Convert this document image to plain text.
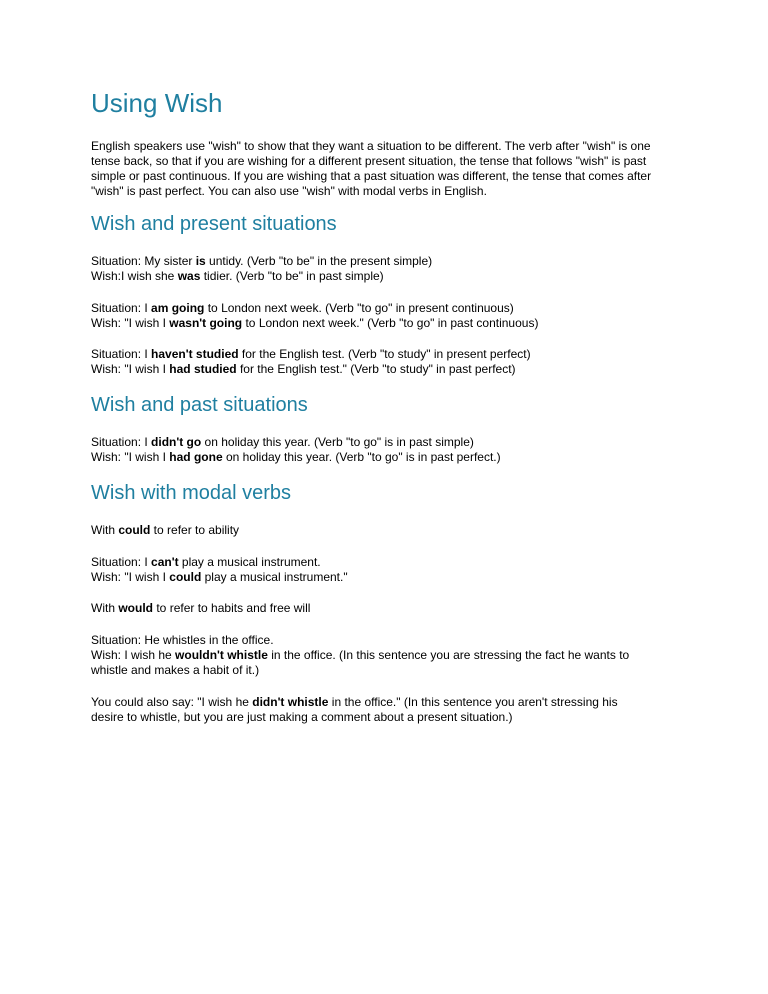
Using Wish

English speakers use "wish" to show that they want a situation to be different. The verb after "wish" is one
tense back, so that if you are wishing for a different present situation, the tense that follows "wish" is past
simple or past continuous. If you are wishing that a past situation was different, the tense that comes after
"wish" is past perfect. You can also use "wish" with modal verbs in English.

Wish and present situations

Situation: My sister is untidy. (Verb "to be" in the present simple)
Wish:I wish she was tidier. (Verb "to be" in past simple)

Situation: I am going to London next week. (Verb "to go" in present continuous)
Wish: "I wish I wasn't going to London next week." (Verb "to go" in past continuous)

Situation: I haven't studied for the English test. (Verb "to study" in present perfect)
Wish: "I wish I had studied for the English test." (Verb "to study" in past perfect)

Wish and past situations

Situation: I didn't go on holiday this year. (Verb "to go" is in past simple)
Wish: "I wish I had gone on holiday this year. (Verb "to go" is in past perfect.)

Wish with modal verbs

With could to refer to ability

Situation: I can't play a musical instrument.
Wish: "I wish I could play a musical instrument."

With would to refer to habits and free will

Situation: He whistles in the office.
Wish: I wish he wouldn't whistle in the office. (In this sentence you are stressing the fact he wants to
whistle and makes a habit of it.)

You could also say: "I wish he didn't whistle in the office." (In this sentence you aren't stressing his
desire to whistle, but you are just making a comment about a present situation.)
